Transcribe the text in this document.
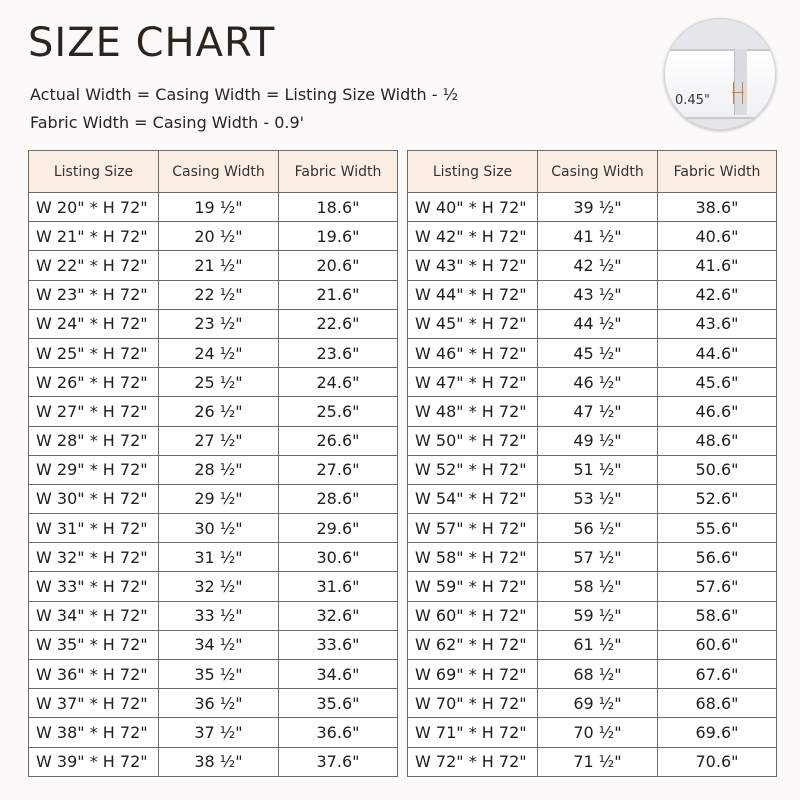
SIZE CHART
Actual Width = Casing Width = Listing Size Width - ½
Fabric Width = Casing Width - 0.9'
0.45"
Listing Size	Casing Width	Fabric Width
W 20" * H 72"	19 ½"	18.6"
W 21" * H 72"	20 ½"	19.6"
W 22" * H 72"	21 ½"	20.6"
W 23" * H 72"	22 ½"	21.6"
W 24" * H 72"	23 ½"	22.6"
W 25" * H 72"	24 ½"	23.6"
W 26" * H 72"	25 ½"	24.6"
W 27" * H 72"	26 ½"	25.6"
W 28" * H 72"	27 ½"	26.6"
W 29" * H 72"	28 ½"	27.6"
W 30" * H 72"	29 ½"	28.6"
W 31" * H 72"	30 ½"	29.6"
W 32" * H 72"	31 ½"	30.6"
W 33" * H 72"	32 ½"	31.6"
W 34" * H 72"	33 ½"	32.6"
W 35" * H 72"	34 ½"	33.6"
W 36" * H 72"	35 ½"	34.6"
W 37" * H 72"	36 ½"	35.6"
W 38" * H 72"	37 ½"	36.6"
W 39" * H 72"	38 ½"	37.6"
Listing Size	Casing Width	Fabric Width
W 40" * H 72"	39 ½"	38.6"
W 42" * H 72"	41 ½"	40.6"
W 43" * H 72"	42 ½"	41.6"
W 44" * H 72"	43 ½"	42.6"
W 45" * H 72"	44 ½"	43.6"
W 46" * H 72"	45 ½"	44.6"
W 47" * H 72"	46 ½"	45.6"
W 48" * H 72"	47 ½"	46.6"
W 50" * H 72"	49 ½"	48.6"
W 52" * H 72"	51 ½"	50.6"
W 54" * H 72"	53 ½"	52.6"
W 57" * H 72"	56 ½"	55.6"
W 58" * H 72"	57 ½"	56.6"
W 59" * H 72"	58 ½"	57.6"
W 60" * H 72"	59 ½"	58.6"
W 62" * H 72"	61 ½"	60.6"
W 69" * H 72"	68 ½"	67.6"
W 70" * H 72"	69 ½"	68.6"
W 71" * H 72"	70 ½"	69.6"
W 72" * H 72"	71 ½"	70.6"
